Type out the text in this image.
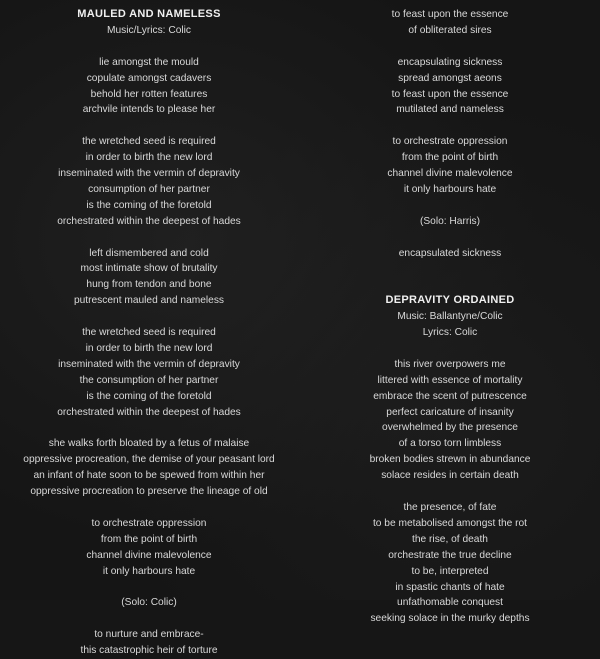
MAULED AND NAMELESS
Music/Lyrics: Colic
lie amongst the mould
copulate amongst cadavers
behold her rotten features
archvile intends to please her
the wretched seed is required
in order to birth the new lord
inseminated with the vermin of depravity
consumption of her partner
is the coming of the foretold
orchestrated within the deepest of hades
left dismembered and cold
most intimate show of brutality
hung from tendon and bone
putrescent mauled and nameless
the wretched seed is required
in order to birth the new lord
inseminated with the vermin of depravity
the consumption of her partner
is the coming of the foretold
orchestrated within the deepest of hades
she walks forth bloated by a fetus of malaise
oppressive procreation, the demise of your peasant lord
an infant of hate soon to be spewed from within her
oppressive procreation to preserve the lineage of old
to orchestrate oppression
from the point of birth
channel divine malevolence
it only harbours hate
(Solo: Colic)
to nurture and embrace-
this catastrophic heir of torture
to feast upon the essence
of obliterated sires
encapsulating sickness
spread amongst aeons
to feast upon the essence
mutilated and nameless
to orchestrate oppression
from the point of birth
channel divine malevolence
it only harbours hate
(Solo: Harris)
encapsulated sickness
DEPRAVITY ORDAINED
Music: Ballantyne/Colic
Lyrics: Colic
this river overpowers me
littered with essence of mortality
embrace the scent of putrescence
perfect caricature of insanity
overwhelmed by the presence
of a torso torn limbless
broken bodies strewn in abundance
solace resides in certain death
the presence, of fate
to be metabolised amongst the rot
the rise, of death
orchestrate the true decline
to be, interpreted
in spastic chants of hate
unfathomable conquest
seeking solace in the murky depths
